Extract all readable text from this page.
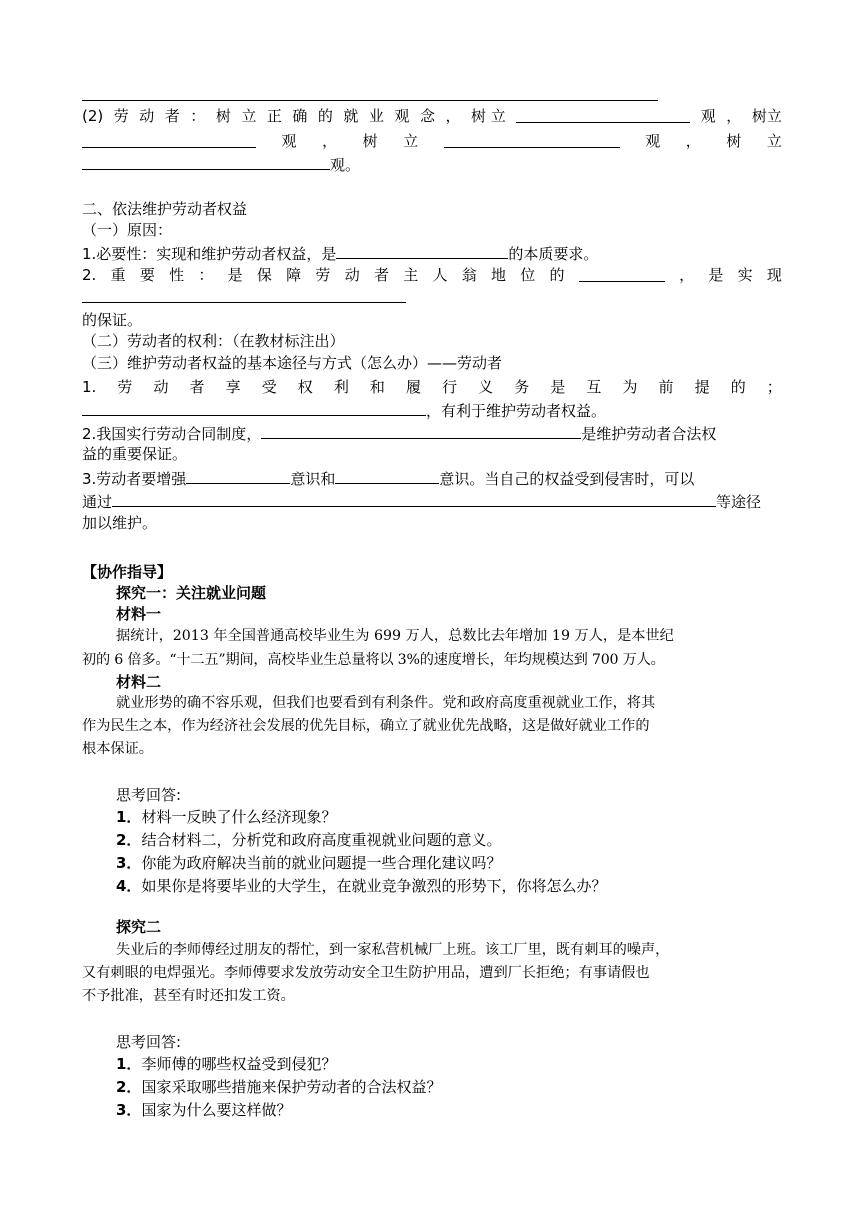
(2) 劳 动 者 ： 树 立 正 确 的 就 业 观 念 ， 树 立	观 ， 树立
观 ， 树 立	观 ， 树 立
观。
二、依法维护劳动者权益
（一）原因：
1.必要性：实现和维护劳动者权益，是	的本质要求。
2. 重 要 性 ： 是 保 障 劳 动 者 主 人 翁 地 位 的	， 是 实 现
的保证。
（二）劳动者的权利：（在教材标注出）
（三）维护劳动者权益的基本途径与方式（怎么办）——劳动者
1. 劳 动 者 享 受 权 利 和 履 行 义 务 是 互 为 前 提 的 ；
，有利于维护劳动者权益。
2.我国实行劳动合同制度，	是维护劳动者合法权
益的重要保证。
3.劳动者要增强	意识和	意识。当自己的权益受到侵害时，可以
通过	等途径
加以维护。
【协作指导】
探究一：关注就业问题
材料一
据统计，2013 年全国普通高校毕业生为 699 万人，总数比去年增加 19 万人，是本世纪
初的 6 倍多。“十二五”期间，高校毕业生总量将以 3%的速度增长，年均规模达到 700 万人。
材料二
就业形势的确不容乐观，但我们也要看到有利条件。党和政府高度重视就业工作，将其
作为民生之本，作为经济社会发展的优先目标，确立了就业优先战略，这是做好就业工作的
根本保证。
思考回答:
1．材料一反映了什么经济现象？
2．结合材料二，分析党和政府高度重视就业问题的意义。
3．你能为政府解决当前的就业问题提一些合理化建议吗？
4．如果你是将要毕业的大学生，在就业竞争激烈的形势下，你将怎么办？
探究二
失业后的李师傅经过朋友的帮忙，到一家私营机械厂上班。该工厂里，既有刺耳的噪声，
又有刺眼的电焊强光。李师傅要求发放劳动安全卫生防护用品，遭到厂长拒绝；有事请假也
不予批准，甚至有时还扣发工资。
思考回答:
1．李师傅的哪些权益受到侵犯？
2．国家采取哪些措施来保护劳动者的合法权益？
3．国家为什么要这样做？
